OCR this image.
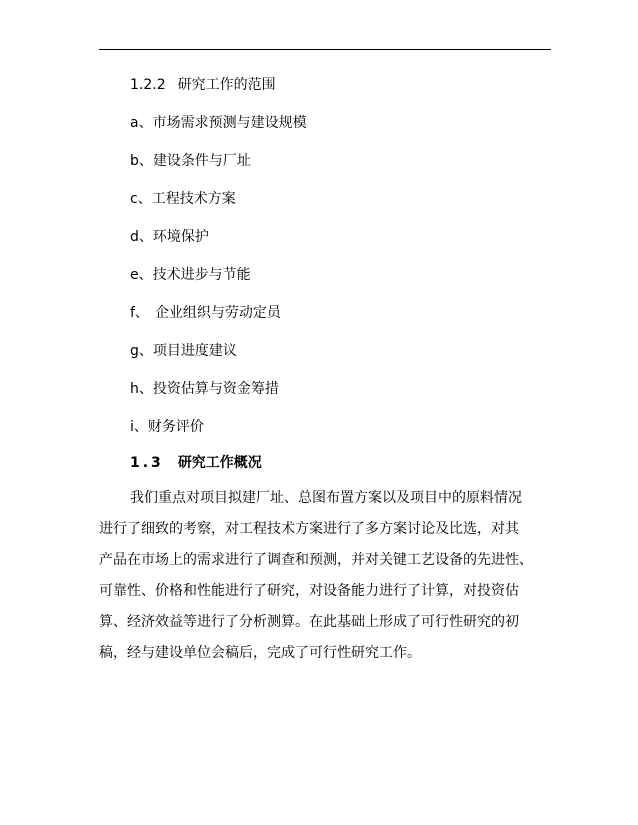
1.2.2 研究工作的范围
a、市场需求预测与建设规模
b、建设条件与厂址
c、工程技术方案
d、环境保护
e、技术进步与节能
f、 企业组织与劳动定员
g、项目进度建议
h、投资估算与资金筹措
i、财务评价
1.3 研究工作概况
我们重点对项目拟建厂址、总图布置方案以及项目中的原料情况
进行了细致的考察，对工程技术方案进行了多方案讨论及比选，对其
产品在市场上的需求进行了调查和预测，并对关键工艺设备的先进性、
可靠性、价格和性能进行了研究，对设备能力进行了计算，对投资估
算、经济效益等进行了分析测算。在此基础上形成了可行性研究的初
稿，经与建设单位会稿后，完成了可行性研究工作。
